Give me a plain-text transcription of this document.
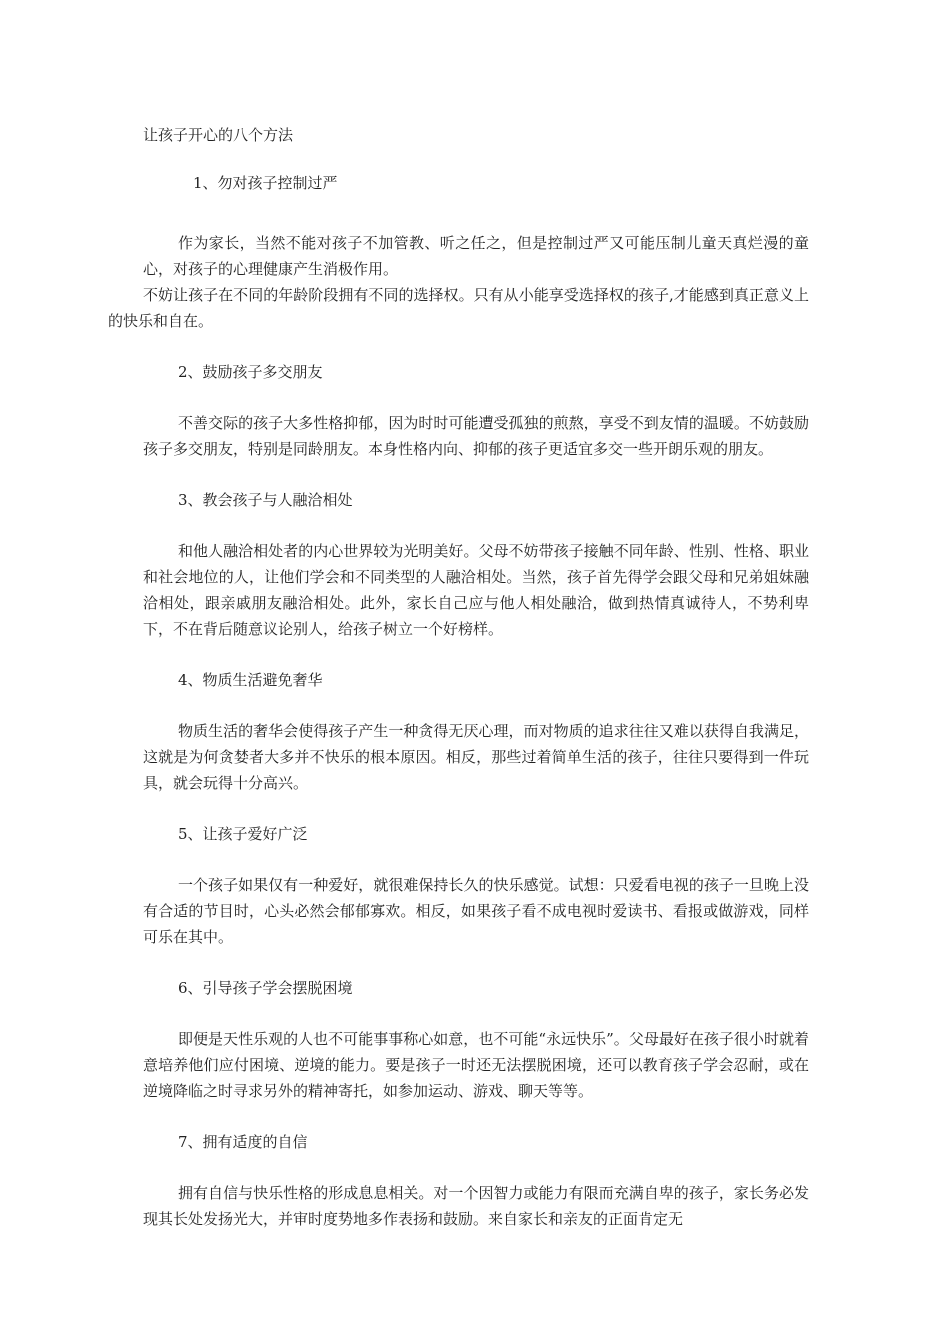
让孩子开心的八个方法

1、勿对孩子控制过严

作为家长，当然不能对孩子不加管教、听之任之，但是控制过严又可能压制儿童天真烂漫的童心，对孩子的心理健康产生消极作用。
不妨让孩子在不同的年龄阶段拥有不同的选择权。只有从小能享受选择权的孩子,才能感到真正意义上的快乐和自在。

2、鼓励孩子多交朋友

不善交际的孩子大多性格抑郁，因为时时可能遭受孤独的煎熬，享受不到友情的温暖。不妨鼓励孩子多交朋友，特别是同龄朋友。本身性格内向、抑郁的孩子更适宜多交一些开朗乐观的朋友。

3、教会孩子与人融洽相处

和他人融洽相处者的内心世界较为光明美好。父母不妨带孩子接触不同年龄、性别、性格、职业和社会地位的人，让他们学会和不同类型的人融洽相处。当然，孩子首先得学会跟父母和兄弟姐妹融洽相处，跟亲戚朋友融洽相处。此外，家长自己应与他人相处融洽，做到热情真诚待人，不势利卑下，不在背后随意议论别人，给孩子树立一个好榜样。

4、物质生活避免奢华

物质生活的奢华会使得孩子产生一种贪得无厌心理，而对物质的追求往往又难以获得自我满足，这就是为何贪婪者大多并不快乐的根本原因。相反，那些过着简单生活的孩子，往往只要得到一件玩具，就会玩得十分高兴。

5、让孩子爱好广泛

一个孩子如果仅有一种爱好，就很难保持长久的快乐感觉。试想：只爱看电视的孩子一旦晚上没有合适的节目时，心头必然会郁郁寡欢。相反，如果孩子看不成电视时爱读书、看报或做游戏，同样可乐在其中。

6、引导孩子学会摆脱困境

即便是天性乐观的人也不可能事事称心如意，也不可能“永远快乐”。父母最好在孩子很小时就着意培养他们应付困境、逆境的能力。要是孩子一时还无法摆脱困境，还可以教育孩子学会忍耐，或在逆境降临之时寻求另外的精神寄托，如参加运动、游戏、聊天等等。

7、拥有适度的自信

拥有自信与快乐性格的形成息息相关。对一个因智力或能力有限而充满自卑的孩子，家长务必发现其长处发扬光大，并审时度势地多作表扬和鼓励。来自家长和亲友的正面肯定无
